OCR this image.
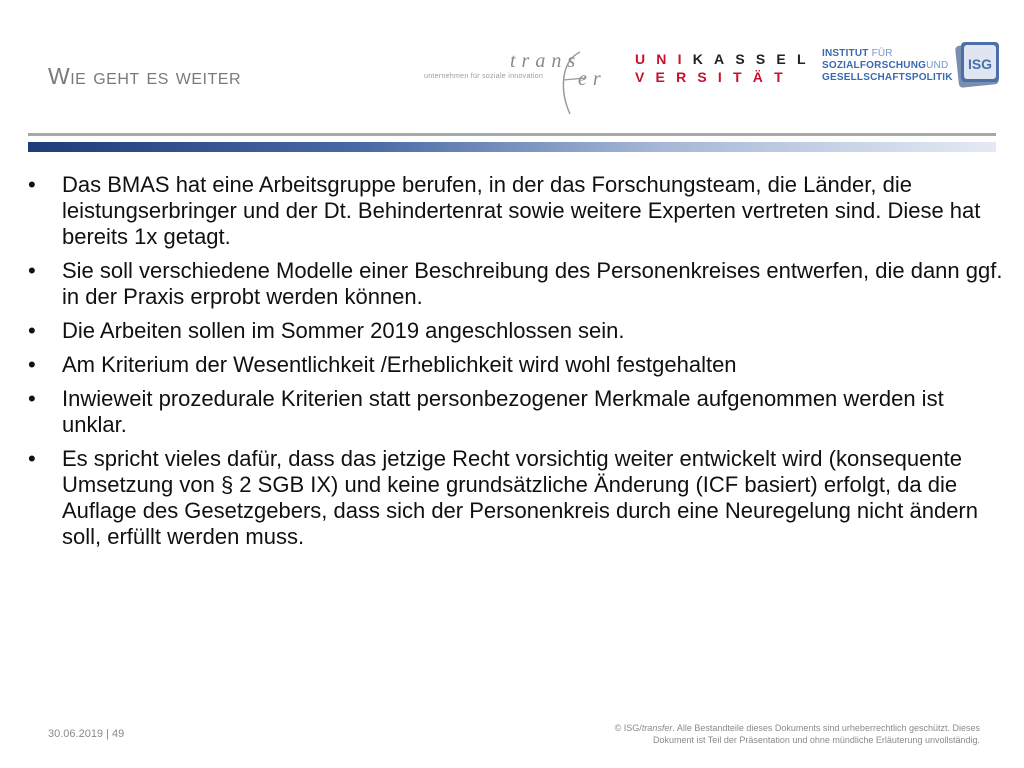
Wie geht es weiter
trans
er
unternehmen für soziale innovation
UNIKASSEL
VERSITÄT
INSTITUT FÜR
SOZIALFORSCHUNGUND
GESELLSCHAFTSPOLITIK
ISG
• Das BMAS hat eine Arbeitsgruppe berufen, in der das Forschungsteam, die Länder, die leistungserbringer und der Dt. Behindertenrat sowie weitere Experten vertreten sind. Diese hat bereits 1x getagt.
• Sie soll verschiedene Modelle einer Beschreibung des Personenkreises entwerfen, die dann ggf. in der Praxis erprobt werden können.
• Die Arbeiten sollen im Sommer 2019 angeschlossen sein.
• Am Kriterium der Wesentlichkeit /Erheblichkeit wird wohl festgehalten
• Inwieweit prozedurale Kriterien statt personbezogener Merkmale aufgenommen werden ist unklar.
• Es spricht vieles dafür, dass das jetzige Recht vorsichtig weiter entwickelt wird (konsequente Umsetzung von § 2 SGB IX) und keine grundsätzliche Änderung (ICF basiert) erfolgt, da die Auflage des Gesetzgebers, dass sich der Personenkreis durch eine Neuregelung nicht ändern soll, erfüllt werden muss.
30.06.2019 | 49	© ISG/transfer. Alle Bestandteile dieses Dokuments sind urheberrechtlich geschützt. Dieses
Dokument ist Teil der Präsentation und ohne mündliche Erläuterung unvollständig.
